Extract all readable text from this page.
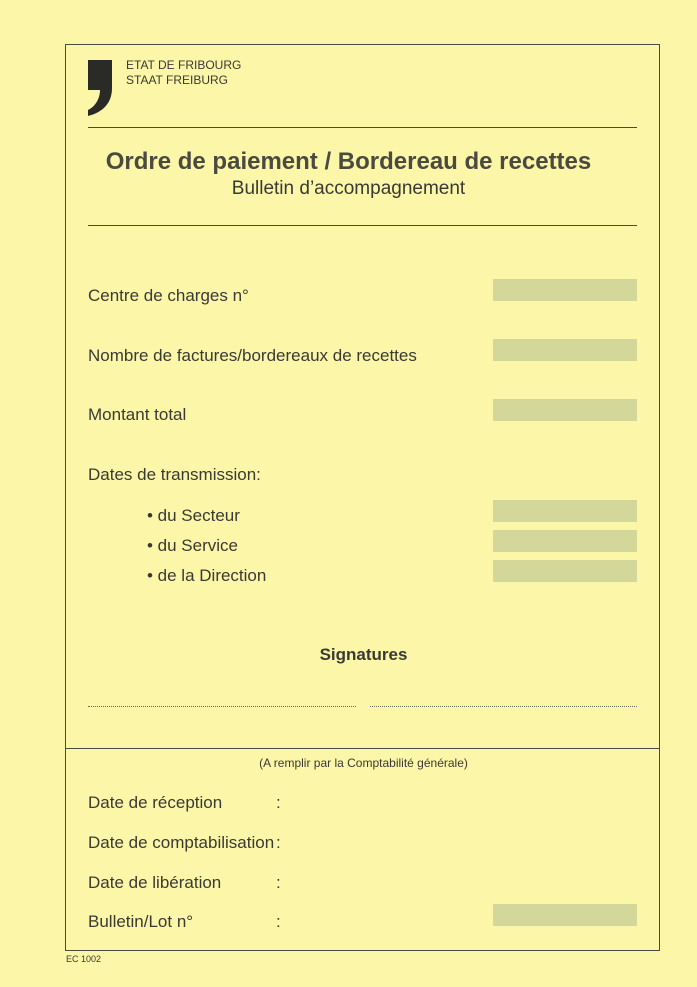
ETAT DE FRIBOURG
STAAT FREIBURG
Ordre de paiement / Bordereau de recettes
Bulletin d’accompagnement
Centre de charges n°
Nombre de factures/bordereaux de recettes
Montant total
Dates de transmission:
• du Secteur
• du Service
• de la Direction
Signatures
(A remplir par la Comptabilité générale)
Date de réception	:
Date de comptabilisation :
Date de libération	:
Bulletin/Lot n°	:
EC 1002
